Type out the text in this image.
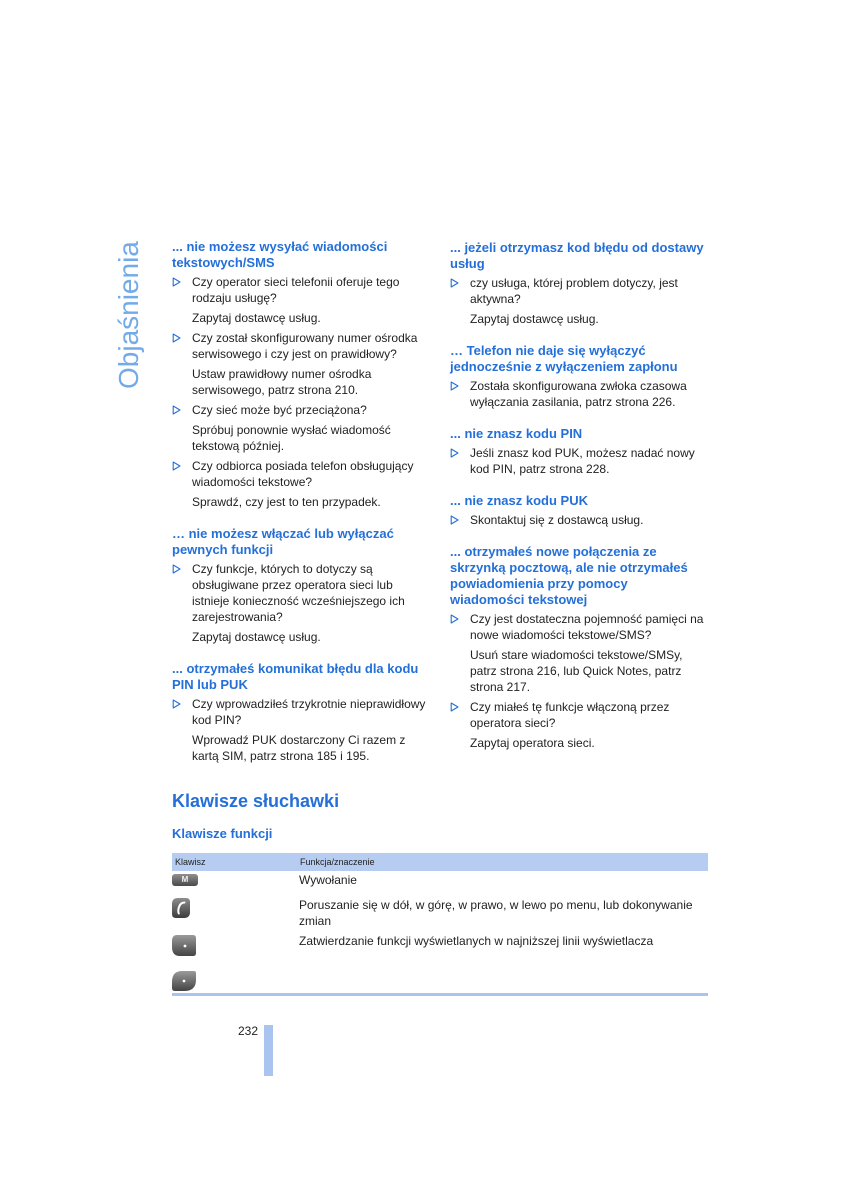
Objaśnienia ... nie możesz wysyłać wiadomości
tekstowych/SMS
Czy operator sieci telefonii oferuje tego
rodzaju usługę?
Zapytaj dostawcę usług.
Czy został skonfigurowany numer ośrodka
serwisowego i czy jest on prawidłowy?
Ustaw prawidłowy numer ośrodka
serwisowego, patrz strona 210.
Czy sieć może być przeciążona?
Spróbuj ponownie wysłać wiadomość
tekstową później.
Czy odbiorca posiada telefon obsługujący
wiadomości tekstowe?
Sprawdź, czy jest to ten przypadek.
… nie możesz włączać lub wyłączać
pewnych funkcji
Czy funkcje, których to dotyczy są
obsługiwane przez operatora sieci lub
istnieje konieczność wcześniejszego ich
zarejestrowania?
Zapytaj dostawcę usług.
... otrzymałeś komunikat błędu dla kodu
PIN lub PUK
Czy wprowadziłeś trzykrotnie nieprawidłowy
kod PIN?
Wprowadź PUK dostarczony Ci razem z
kartą SIM, patrz strona 185 i 195.
... jeżeli otrzymasz kod błędu od dostawy
usług
czy usługa, której problem dotyczy, jest
aktywna?
Zapytaj dostawcę usług.
… Telefon nie daje się wyłączyć
jednocześnie z wyłączeniem zapłonu
Została skonfigurowana zwłoka czasowa
wyłączania zasilania, patrz strona 226.
... nie znasz kodu PIN
Jeśli znasz kod PUK, możesz nadać nowy
kod PIN, patrz strona 228.
... nie znasz kodu PUK
Skontaktuj się z dostawcą usług.
... otrzymałeś nowe połączenia ze
skrzynką pocztową, ale nie otrzymałeś
powiadomienia przy pomocy
wiadomości tekstowej
Czy jest dostateczna pojemność pamięci na
nowe wiadomości tekstowe/SMS?
Usuń stare wiadomości tekstowe/SMSy,
patrz strona 216, lub Quick Notes, patrz
strona 217.
Czy miałeś tę funkcje włączoną przez
operatora sieci?
Zapytaj operatora sieci.
Klawisze słuchawki
Klawisze funkcji
Klawisz	Funkcja/znaczenie
M	Wywołanie
Poruszanie się w dół, w górę, w prawo, w lewo po menu, lub dokonywanie
zmian
Zatwierdzanie funkcji wyświetlanych w najniższej linii wyświetlacza
232
